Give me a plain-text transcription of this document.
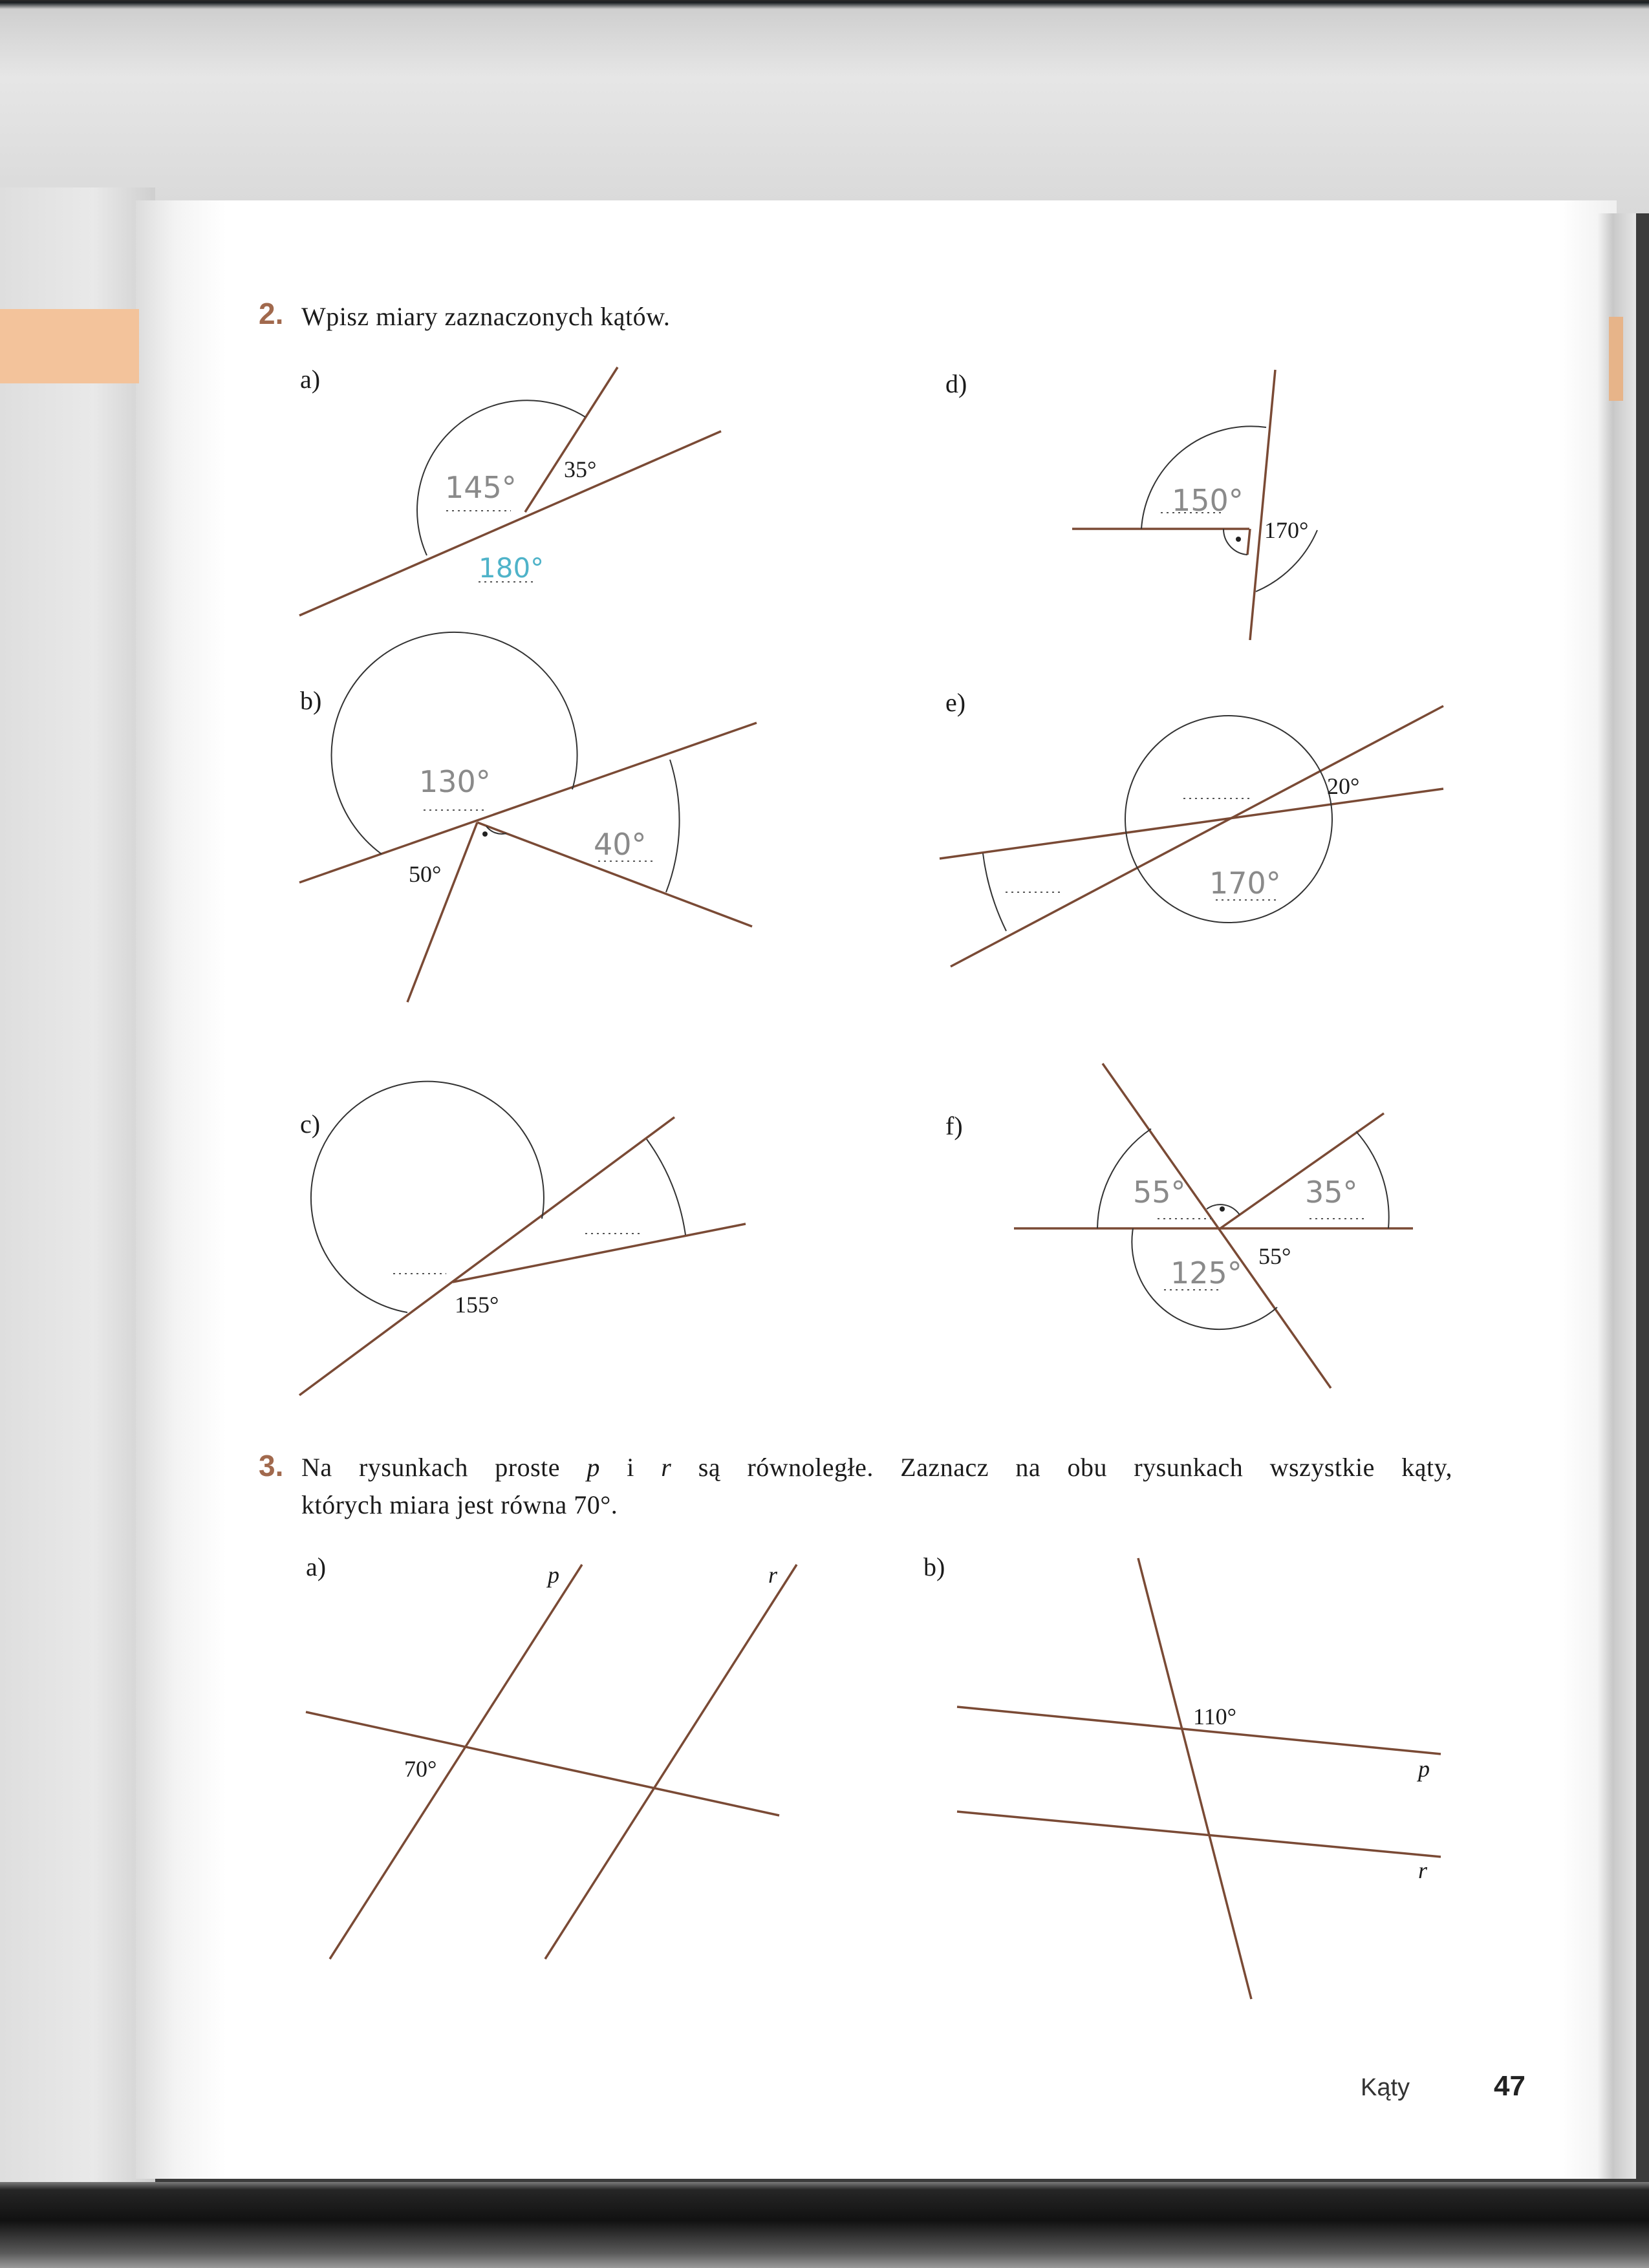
2. Wpisz miary zaznaczonych kątów.
a)
b)
c)
d)
e)
f)
35°
145°
180°
50°
130°
40°
155°
170°
150°
20°
170°
55°
55°
125°
35°
70°
p	r
110°
p
r
3. Na rysunkach proste p i r są równoległe. Zaznacz na obu rysunkach wszystkie kąty,
których miara jest równa 70°.
a)	b)
Kąty	47
